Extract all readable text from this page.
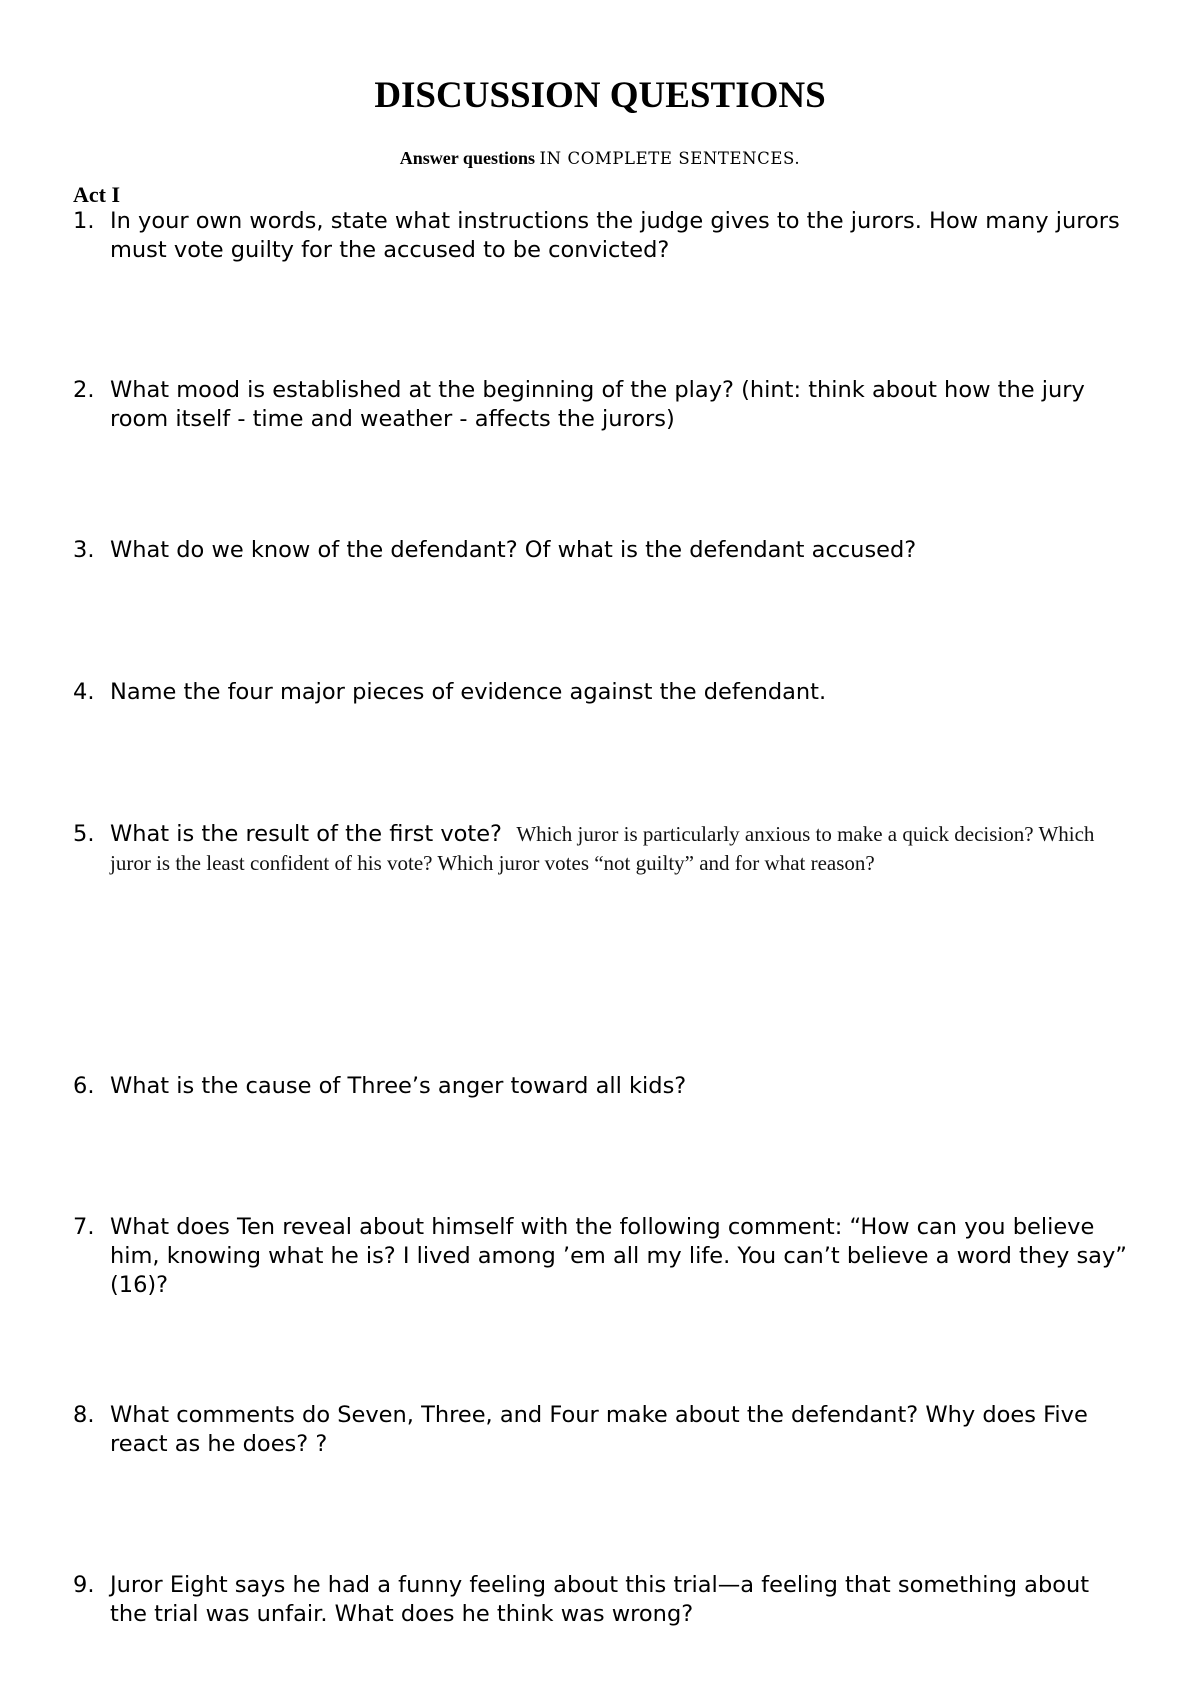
DISCUSSION QUESTIONS

Answer questions IN COMPLETE SENTENCES.

Act I
1. In your own words, state what instructions the judge gives to the jurors. How many jurors must vote guilty for the accused to be convicted?
2. What mood is established at the beginning of the play? (hint: think about how the jury room itself - time and weather - affects the jurors)
3. What do we know of the defendant? Of what is the defendant accused?
4. Name the four major pieces of evidence against the defendant.
5. What is the result of the first vote? Which juror is particularly anxious to make a quick decision? Which juror is the least confident of his vote? Which juror votes “not guilty” and for what reason?
6. What is the cause of Three’s anger toward all kids?
7. What does Ten reveal about himself with the following comment: “How can you believe him, knowing what he is? I lived among ’em all my life. You can’t believe a word they say” (16)?
8. What comments do Seven, Three, and Four make about the defendant? Why does Five react as he does? ?
9. Juror Eight says he had a funny feeling about this trial—a feeling that something about the trial was unfair. What does he think was wrong?
